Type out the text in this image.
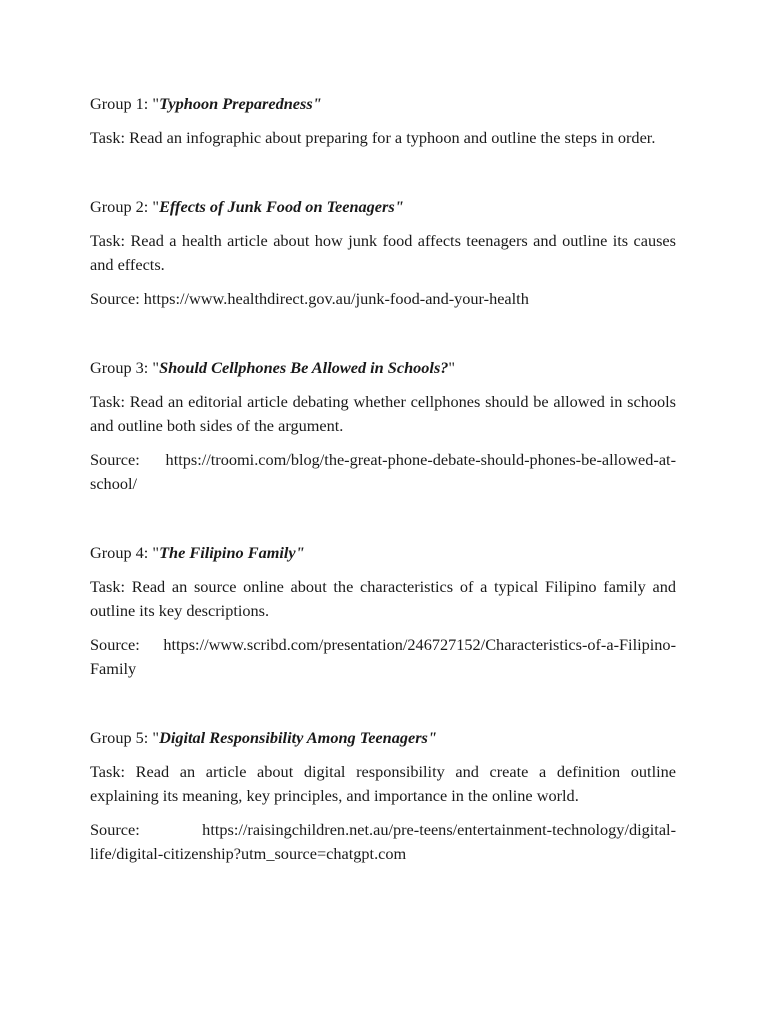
Group 1: "Typhoon Preparedness"

Task: Read an infographic about preparing for a typhoon and outline the steps in order.

Group 2: "Effects of Junk Food on Teenagers"

Task: Read a health article about how junk food affects teenagers and outline its causes and effects.

Source: https://www.healthdirect.gov.au/junk-food-and-your-health

Group 3: "Should Cellphones Be Allowed in Schools?"

Task: Read an editorial article debating whether cellphones should be allowed in schools and outline both sides of the argument.

Source: https://troomi.com/blog/the-great-phone-debate-should-phones-be-allowed-at-school/

Group 4: "The Filipino Family"

Task: Read an source online about the characteristics of a typical Filipino family and outline its key descriptions.

Source: https://www.scribd.com/presentation/246727152/Characteristics-of-a-Filipino-Family

Group 5: "Digital Responsibility Among Teenagers"

Task: Read an article about digital responsibility and create a definition outline explaining its meaning, key principles, and importance in the online world.

Source: https://raisingchildren.net.au/pre-teens/entertainment-technology/digital-life/digital-citizenship?utm_source=chatgpt.com
